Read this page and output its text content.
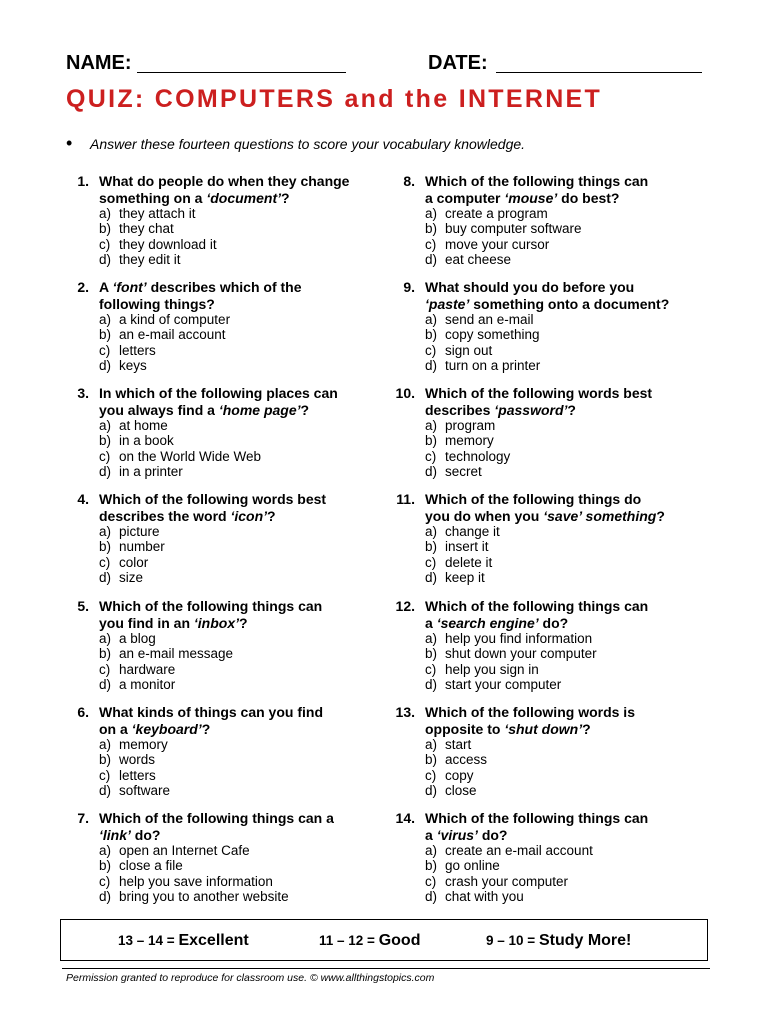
NAME:	DATE:
QUIZ: COMPUTERS and the INTERNET
• Answer these fourteen questions to score your vocabulary knowledge.
1. What do people do when they change
something on a ‘document’?
a) they attach it
b) they chat
c) they download it
d) they edit it
2. A ‘font’ describes which of the
following things?
a) a kind of computer
b) an e-mail account
c) letters
d) keys
3. In which of the following places can
you always find a ‘home page’?
a) at home
b) in a book
c) on the World Wide Web
d) in a printer
4. Which of the following words best
describes the word ‘icon’?
a) picture
b) number
c) color
d) size
5. Which of the following things can
you find in an ‘inbox’?
a) a blog
b) an e-mail message
c) hardware
d) a monitor
6. What kinds of things can you find
on a ‘keyboard’?
a) memory
b) words
c) letters
d) software
7. Which of the following things can a
‘link’ do?
a) open an Internet Cafe
b) close a file
c) help you save information
d) bring you to another website
8. Which of the following things can
a computer ‘mouse’ do best?
a) create a program
b) buy computer software
c) move your cursor
d) eat cheese
9. What should you do before you
‘paste’ something onto a document?
a) send an e-mail
b) copy something
c) sign out
d) turn on a printer
10. Which of the following words best
describes ‘password’?
a) program
b) memory
c) technology
d) secret
11. Which of the following things do
you do when you ‘save’ something?
a) change it
b) insert it
c) delete it
d) keep it
12. Which of the following things can
a ‘search engine’ do?
a) help you find information
b) shut down your computer
c) help you sign in
d) start your computer
13. Which of the following words is
opposite to ‘shut down’?
a) start
b) access
c) copy
d) close
14. Which of the following things can
a ‘virus’ do?
a) create an e-mail account
b) go online
c) crash your computer
d) chat with you
13 – 14 = Excellent	11 – 12 = Good	9 – 10 = Study More!
Permission granted to reproduce for classroom use. © www.allthingstopics.com
